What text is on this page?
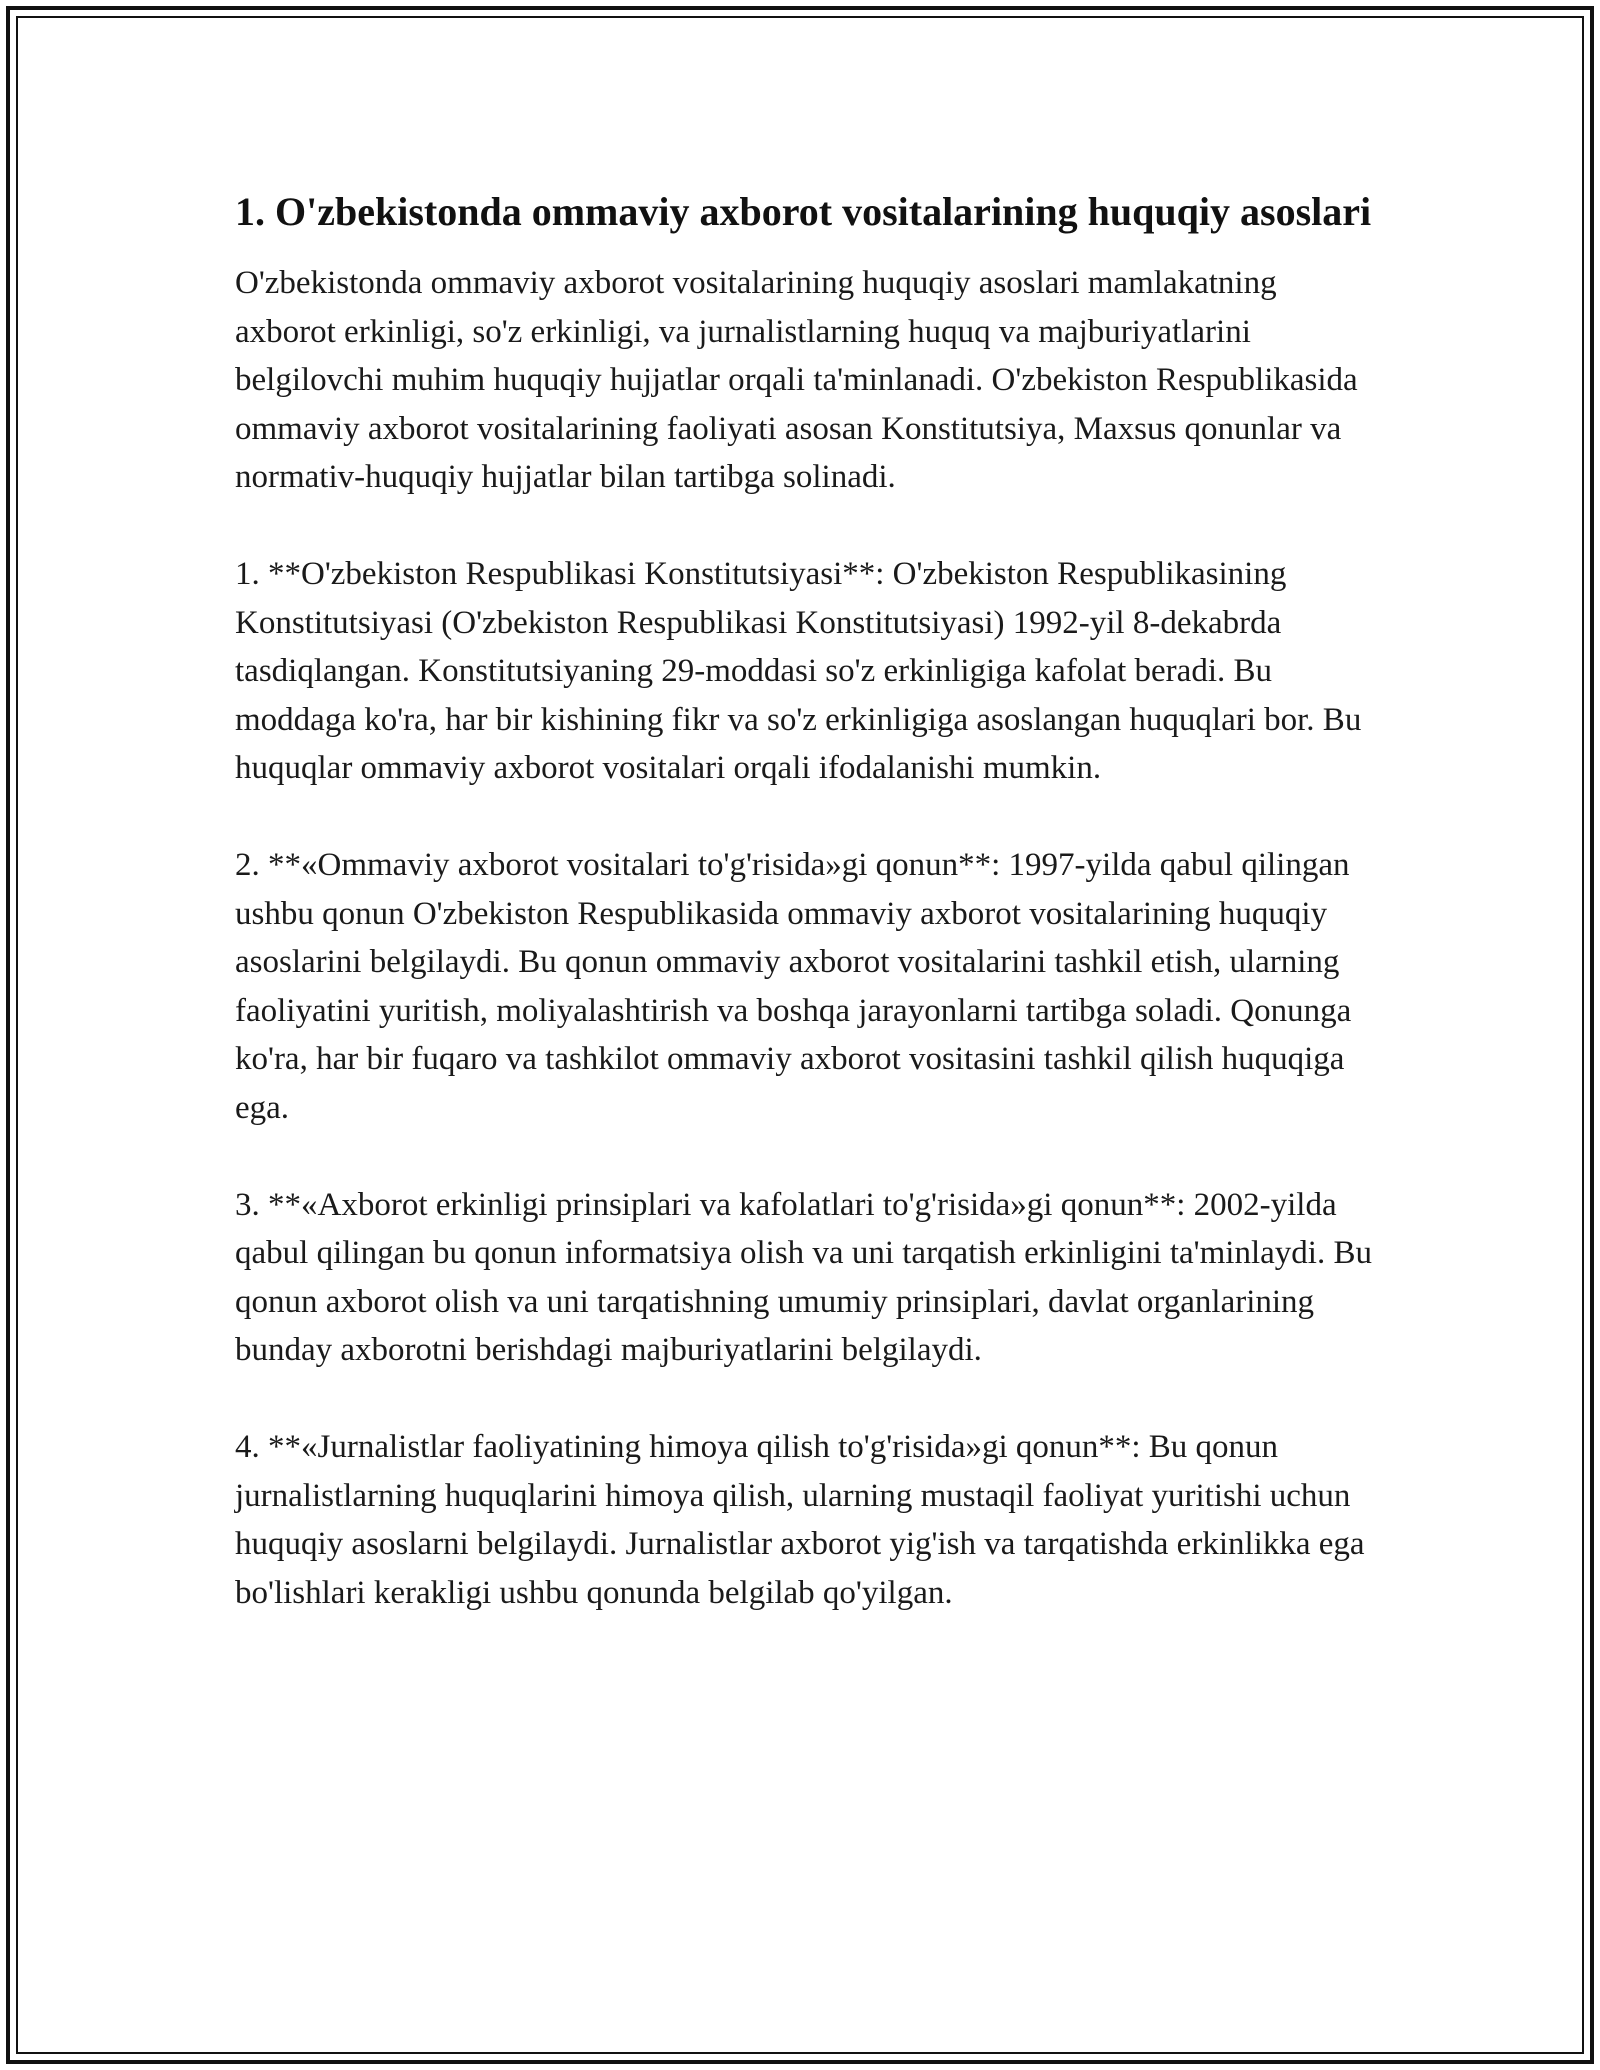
1. O'zbekistonda ommaviy axborot vositalarining huquqiy asoslari

O'zbekistonda ommaviy axborot vositalarining huquqiy asoslari mamlakatning axborot erkinligi, so'z erkinligi, va jurnalistlarning huquq va majburiyatlarini belgilovchi muhim huquqiy hujjatlar orqali ta'minlanadi. O'zbekiston Respublikasida ommaviy axborot vositalarining faoliyati asosan Konstitutsiya, Maxsus qonunlar va normativ-huquqiy hujjatlar bilan tartibga solinadi.

1. **O'zbekiston Respublikasi Konstitutsiyasi**: O'zbekiston Respublikasining Konstitutsiyasi (O'zbekiston Respublikasi Konstitutsiyasi) 1992-yil 8-dekabrda tasdiqlangan. Konstitutsiyaning 29-moddasi so'z erkinligiga kafolat beradi. Bu moddaga ko'ra, har bir kishining fikr va so'z erkinligiga asoslangan huquqlari bor. Bu huquqlar ommaviy axborot vositalari orqali ifodalanishi mumkin.

2. **«Ommaviy axborot vositalari to'g'risida»gi qonun**: 1997-yilda qabul qilingan ushbu qonun O'zbekiston Respublikasida ommaviy axborot vositalarining huquqiy asoslarini belgilaydi. Bu qonun ommaviy axborot vositalarini tashkil etish, ularning faoliyatini yuritish, moliyalashtirish va boshqa jarayonlarni tartibga soladi. Qonunga ko'ra, har bir fuqaro va tashkilot ommaviy axborot vositasini tashkil qilish huquqiga ega.

3. **«Axborot erkinligi prinsiplari va kafolatlari to'g'risida»gi qonun**: 2002-yilda qabul qilingan bu qonun informatsiya olish va uni tarqatish erkinligini ta'minlaydi. Bu qonun axborot olish va uni tarqatishning umumiy prinsiplari, davlat organlarining bunday axborotni berishdagi majburiyatlarini belgilaydi.

4. **«Jurnalistlar faoliyatining himoya qilish to'g'risida»gi qonun**: Bu qonun jurnalistlarning huquqlarini himoya qilish, ularning mustaqil faoliyat yuritishi uchun huquqiy asoslarni belgilaydi. Jurnalistlar axborot yig'ish va tarqatishda erkinlikka ega bo'lishlari kerakligi ushbu qonunda belgilab qo'yilgan.
